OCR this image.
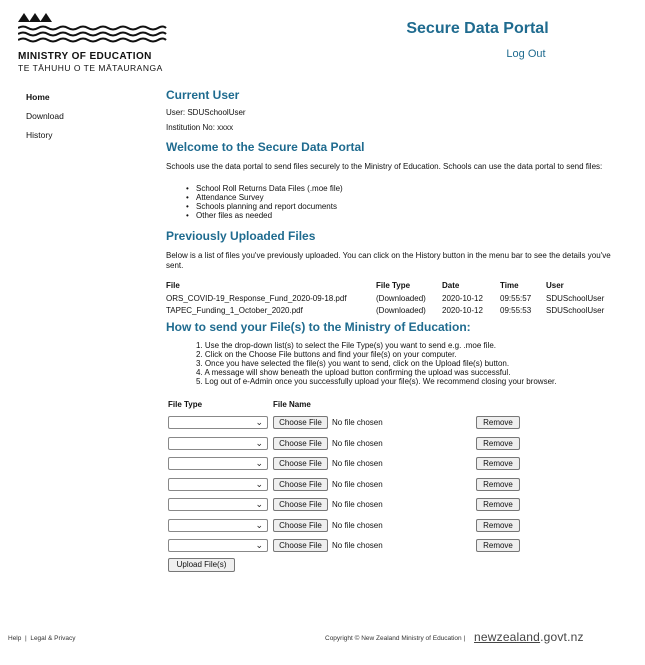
MINISTRY OF EDUCATION
TE TĀHUHU O TE MĀTAURANGA
Secure Data Portal
Log Out
Home
Download
History
Current User

User: SDUSchoolUser

Institution No: xxxx

Welcome to the Secure Data Portal

Schools use the data portal to send files securely to the Ministry of Education. Schools can use the data portal to send files:

• School Roll Returns Data Files (.moe file)
• Attendance Survey
• Schools planning and report documents
• Other files as needed
Previously Uploaded Files

Below is a list of files you've previously uploaded. You can click on the History button in the menu bar to see the details you've sent.

File	File Type	Date	Time	User
ORS_COVID-19_Response_Fund_2020-09-18.pdf	(Downloaded)	2020-10-12	09:55:57	SDUSchoolUser
TAPEC_Funding_1_October_2020.pdf	(Downloaded)	2020-10-12	09:55:53	SDUSchoolUser
How to send your File(s) to the Ministry of Education:
1. Use the drop-down list(s) to select the File Type(s) you want to send e.g. .moe file.
2. Click on the Choose File buttons and find your file(s) on your computer.
3. Once you have selected the file(s) you want to send, click on the Upload file(s) button.
4. A message will show beneath the upload button confirming the upload was successful.
5. Log out of e-Admin once you successfully upload your file(s). We recommend closing your browser.
File Type	File Name
⌄	Choose File	No file chosen	Remove
⌄	Choose File	No file chosen	Remove
⌄	Choose File	No file chosen	Remove
⌄	Choose File	No file chosen	Remove
⌄	Choose File	No file chosen	Remove
⌄	Choose File	No file chosen	Remove
⌄	Choose File	No file chosen	Remove
Upload File(s)
Help | Legal & Privacy	Copyright © New Zealand Ministry of Education | newzealand.govt.nz
